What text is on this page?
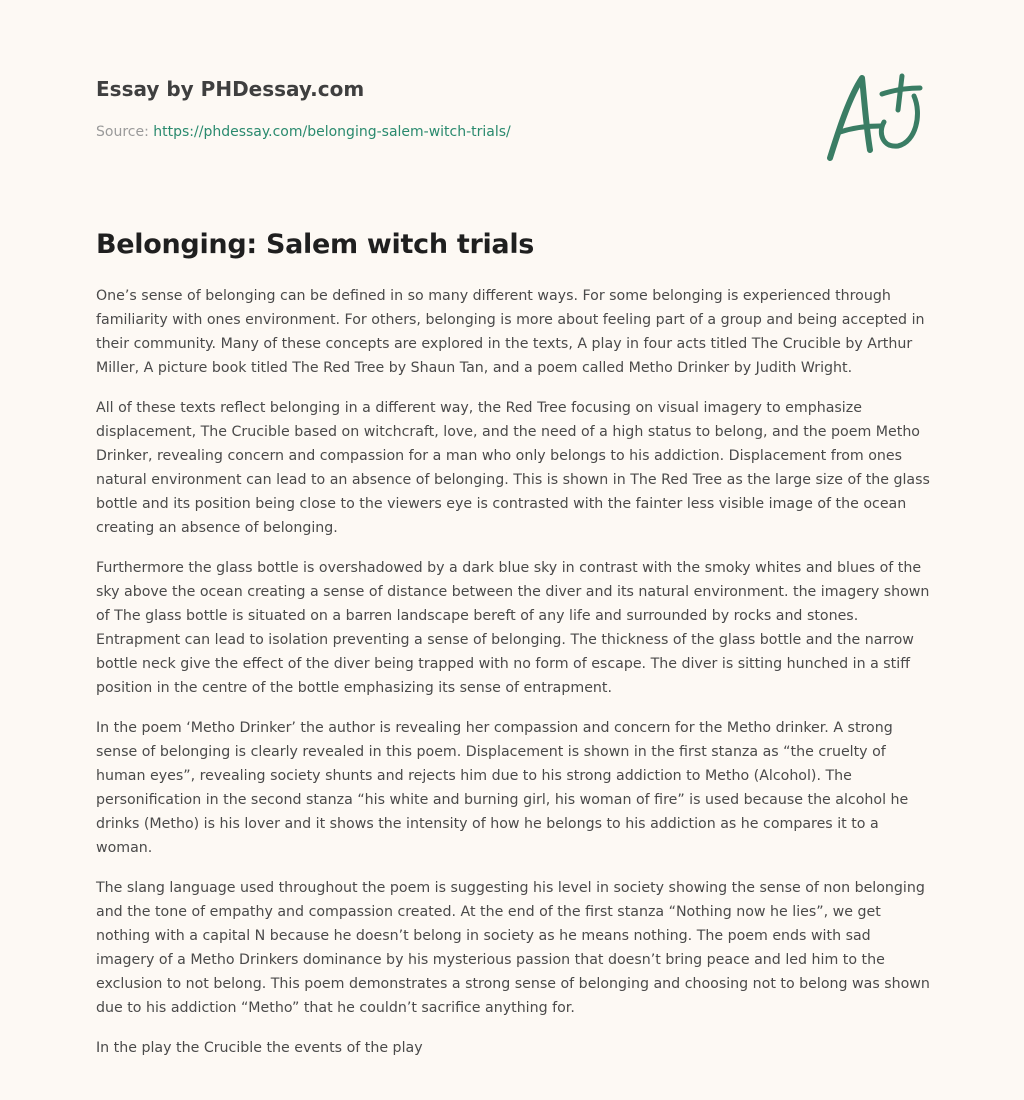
Essay by PHDessay.com
Source: https://phdessay.com/belonging-salem-witch-trials/
Belonging: Salem witch trials

One’s sense of belonging can be defined in so many different ways. For some belonging is experienced through familiarity with ones environment. For others, belonging is more about feeling part of a group and being accepted in their community. Many of these concepts are explored in the texts, A play in four acts titled The Crucible by Arthur Miller, A picture book titled The Red Tree by Shaun Tan, and a poem called Metho Drinker by Judith Wright.

All of these texts reflect belonging in a different way, the Red Tree focusing on visual imagery to emphasize displacement, The Crucible based on witchcraft, love, and the need of a high status to belong, and the poem Metho Drinker, revealing concern and compassion for a man who only belongs to his addiction. Displacement from ones natural environment can lead to an absence of belonging. This is shown in The Red Tree as the large size of the glass bottle and its position being close to the viewers eye is contrasted with the fainter less visible image of the ocean creating an absence of belonging.

Furthermore the glass bottle is overshadowed by a dark blue sky in contrast with the smoky whites and blues of the sky above the ocean creating a sense of distance between the diver and its natural environment. the imagery shown of The glass bottle is situated on a barren landscape bereft of any life and surrounded by rocks and stones. Entrapment can lead to isolation preventing a sense of belonging. The thickness of the glass bottle and the narrow bottle neck give the effect of the diver being trapped with no form of escape. The diver is sitting hunched in a stiff position in the centre of the bottle emphasizing its sense of entrapment.

In the poem ‘Metho Drinker’ the author is revealing her compassion and concern for the Metho drinker. A strong sense of belonging is clearly revealed in this poem. Displacement is shown in the first stanza as “the cruelty of human eyes”, revealing society shunts and rejects him due to his strong addiction to Metho (Alcohol). The personification in the second stanza “his white and burning girl, his woman of fire” is used because the alcohol he drinks (Metho) is his lover and it shows the intensity of how he belongs to his addiction as he compares it to a woman.

The slang language used throughout the poem is suggesting his level in society showing the sense of non belonging and the tone of empathy and compassion created. At the end of the first stanza “Nothing now he lies”, we get nothing with a capital N because he doesn’t belong in society as he means nothing. The poem ends with sad imagery of a Metho Drinkers dominance by his mysterious passion that doesn’t bring peace and led him to the exclusion to not belong. This poem demonstrates a strong sense of belonging and choosing not to belong was shown due to his addiction “Metho” that he couldn’t sacrifice anything for.

In the play the Crucible the events of the play
